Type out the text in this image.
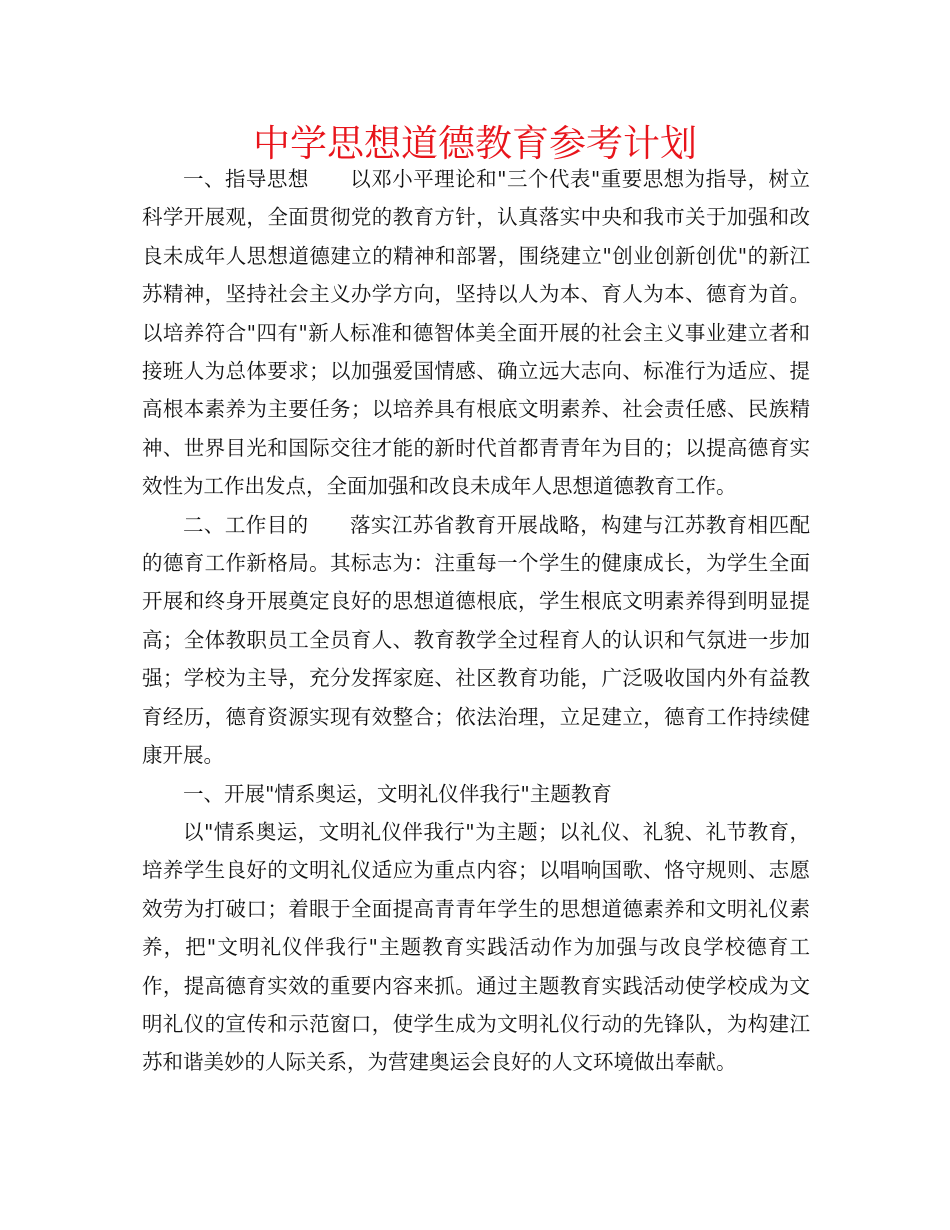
中学思想道德教育参考计划

一、指导思想 以邓小平理论和"三个代表"重要思想为指导，树立科学开展观，全面贯彻党的教育方针，认真落实中央和我市关于加强和改良未成年人思想道德建立的精神和部署，围绕建立"创业创新创优"的新江苏精神，坚持社会主义办学方向，坚持以人为本、育人为本、德育为首。以培养符合"四有"新人标准和德智体美全面开展的社会主义事业建立者和接班人为总体要求；以加强爱国情感、确立远大志向、标准行为适应、提高根本素养为主要任务；以培养具有根底文明素养、社会责任感、民族精神、世界目光和国际交往才能的新时代首都青青年为目的；以提高德育实效性为工作出发点，全面加强和改良未成年人思想道德教育工作。

二、工作目的 落实江苏省教育开展战略，构建与江苏教育相匹配的德育工作新格局。其标志为：注重每一个学生的健康成长，为学生全面开展和终身开展奠定良好的思想道德根底，学生根底文明素养得到明显提高；全体教职员工全员育人、教育教学全过程育人的认识和气氛进一步加强；学校为主导，充分发挥家庭、社区教育功能，广泛吸收国内外有益教育经历，德育资源实现有效整合；依法治理，立足建立，德育工作持续健康开展。

一、开展"情系奥运，文明礼仪伴我行"主题教育

以"情系奥运，文明礼仪伴我行"为主题；以礼仪、礼貌、礼节教育，培养学生良好的文明礼仪适应为重点内容；以唱响国歌、恪守规则、志愿效劳为打破口；着眼于全面提高青青年学生的思想道德素养和文明礼仪素养，把"文明礼仪伴我行"主题教育实践活动作为加强与改良学校德育工作，提高德育实效的重要内容来抓。通过主题教育实践活动使学校成为文明礼仪的宣传和示范窗口，使学生成为文明礼仪行动的先锋队，为构建江苏和谐美妙的人际关系，为营建奥运会良好的人文环境做出奉献。
